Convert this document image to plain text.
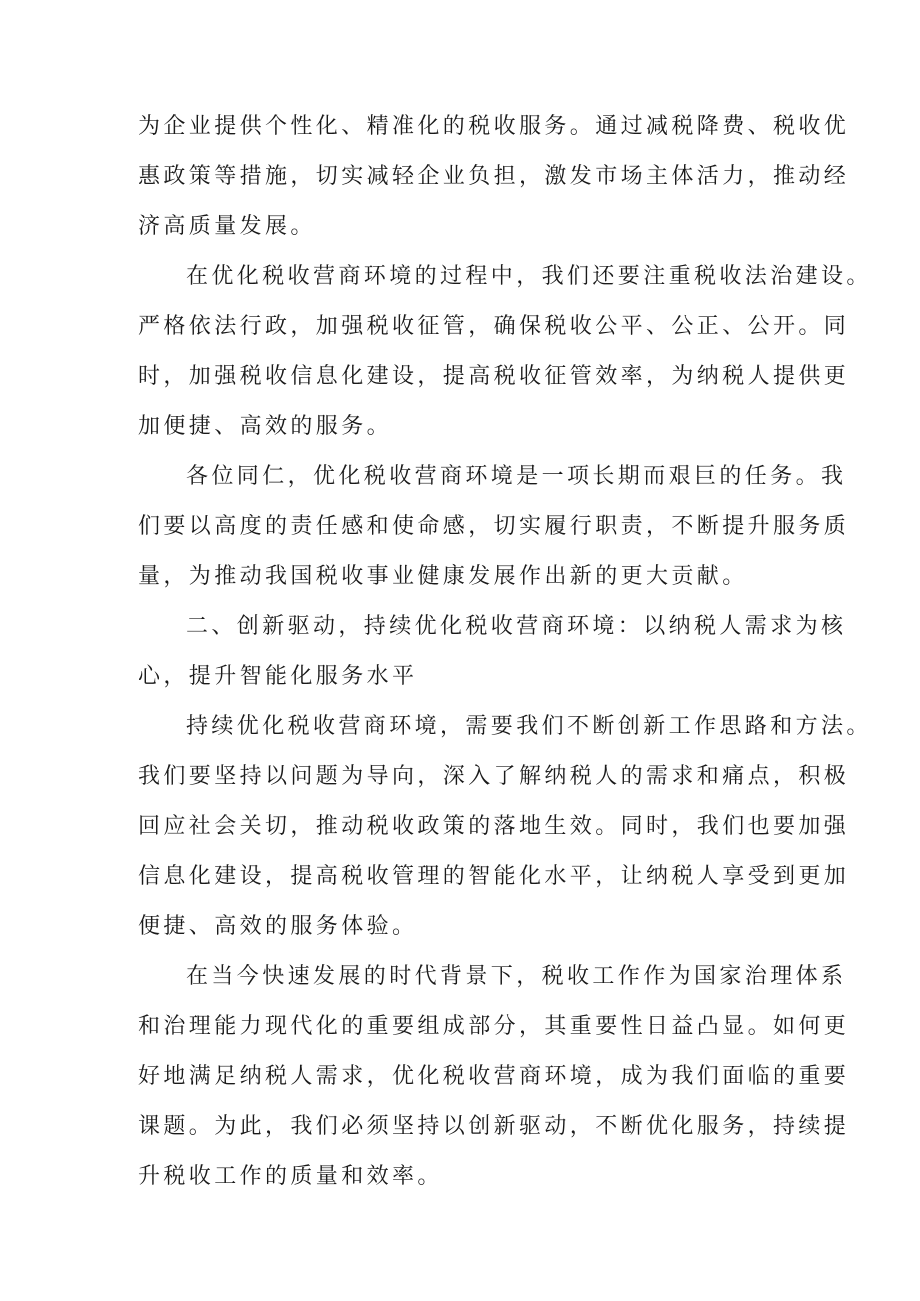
为企业提供个性化、精准化的税收服务。通过减税降费、税收优

惠政策等措施，切实减轻企业负担，激发市场主体活力，推动经

济高质量发展。

在优化税收营商环境的过程中，我们还要注重税收法治建设。

严格依法行政，加强税收征管，确保税收公平、公正、公开。同

时，加强税收信息化建设，提高税收征管效率，为纳税人提供更

加便捷、高效的服务。

各位同仁，优化税收营商环境是一项长期而艰巨的任务。我

们要以高度的责任感和使命感，切实履行职责，不断提升服务质

量，为推动我国税收事业健康发展作出新的更大贡献。

二、创新驱动，持续优化税收营商环境：以纳税人需求为核

心，提升智能化服务水平

持续优化税收营商环境，需要我们不断创新工作思路和方法。

我们要坚持以问题为导向，深入了解纳税人的需求和痛点，积极

回应社会关切，推动税收政策的落地生效。同时，我们也要加强

信息化建设，提高税收管理的智能化水平，让纳税人享受到更加

便捷、高效的服务体验。

在当今快速发展的时代背景下，税收工作作为国家治理体系

和治理能力现代化的重要组成部分，其重要性日益凸显。如何更

好地满足纳税人需求，优化税收营商环境，成为我们面临的重要

课题。为此，我们必须坚持以创新驱动，不断优化服务，持续提

升税收工作的质量和效率。
